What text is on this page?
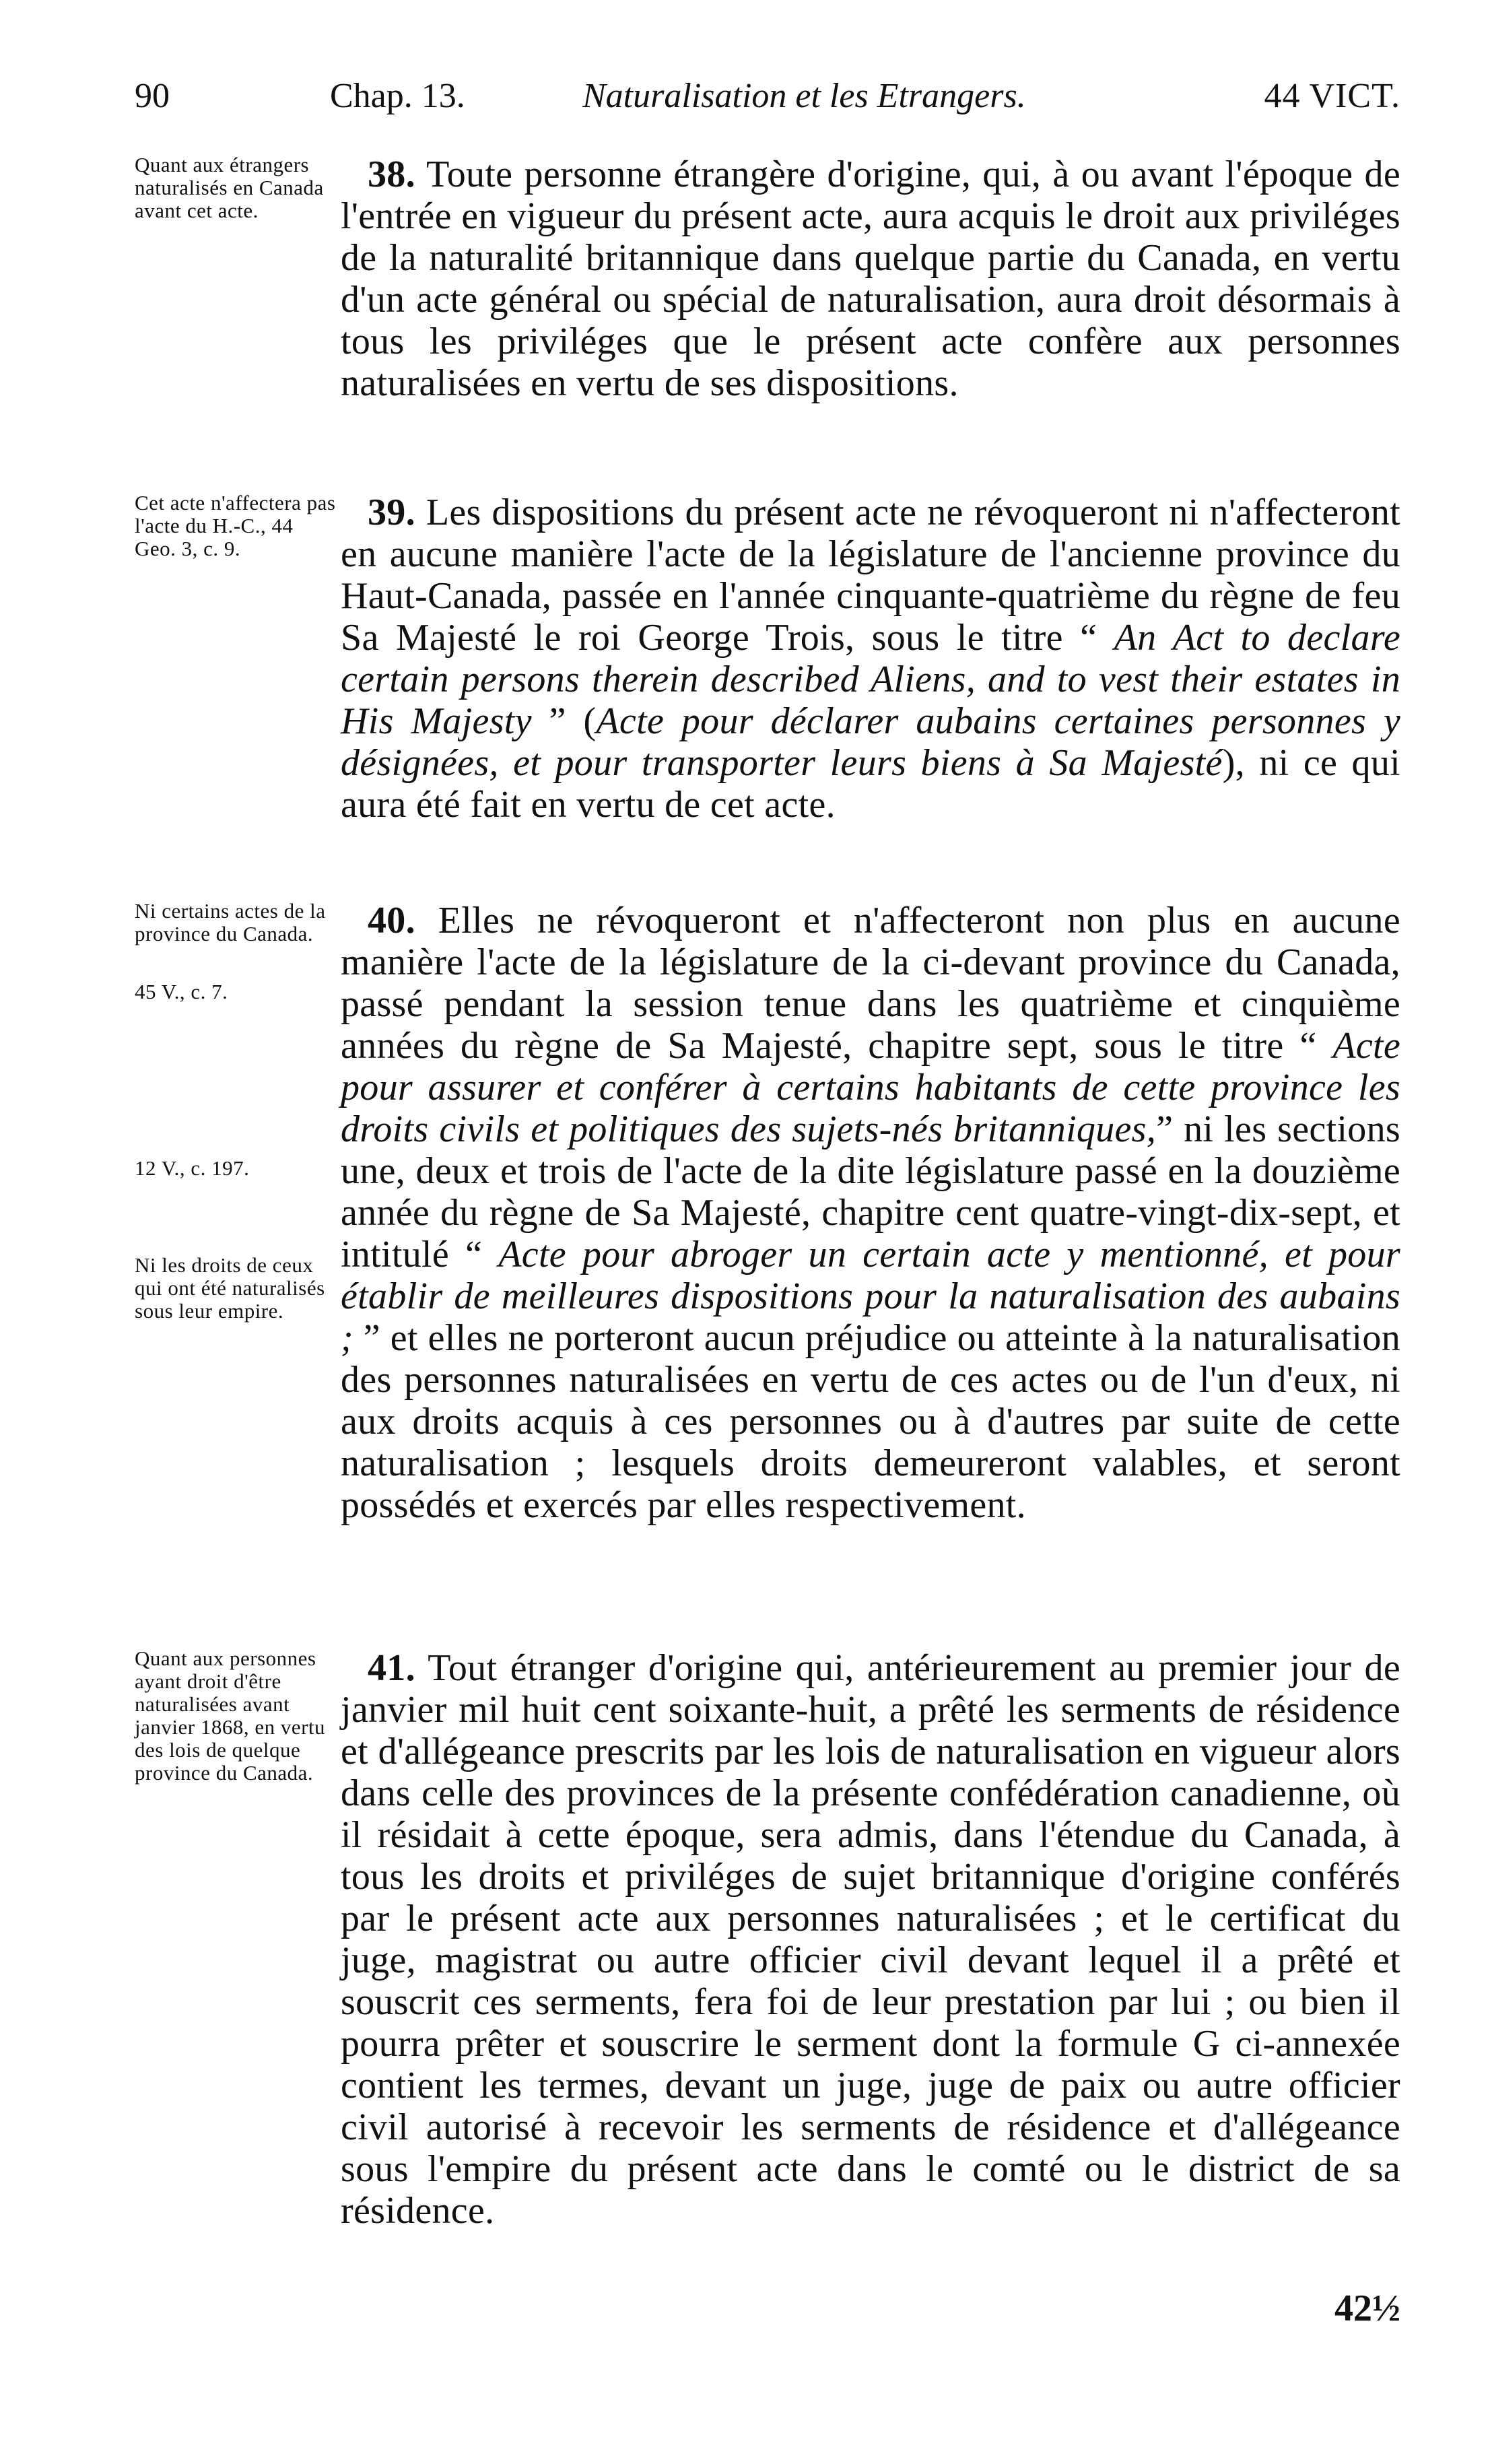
90	Chap. 13.	Naturalisation et les Etrangers.	44 VICT.
Quant aux étrangers naturalisés en Canada avant cet acte.

38. Toute personne étrangère d'origine, qui, à ou avant l'époque de l'entrée en vigueur du présent acte, aura acquis le droit aux priviléges de la naturalité britannique dans quelque partie du Canada, en vertu d'un acte général ou spécial de naturalisation, aura droit désormais à tous les priviléges que le présent acte confère aux personnes naturalisées en vertu de ses dispositions.

Cet acte n'affectera pas l'acte du H.-C., 44 Geo. 3, c. 9.

39. Les dispositions du présent acte ne révoqueront ni n'affecteront en aucune manière l'acte de la législature de l'ancienne province du Haut-Canada, passée en l'année cinquante-quatrième du règne de feu Sa Majesté le roi George Trois, sous le titre “ An Act to declare certain persons therein described Aliens, and to vest their estates in His Majesty ” (Acte pour déclarer aubains certaines personnes y désignées, et pour transporter leurs biens à Sa Majesté), ni ce qui aura été fait en vertu de cet acte.

Ni certains actes de la province du Canada.
45 V., c. 7.
12 V., c. 197.
Ni les droits de ceux qui ont été naturalisés sous leur empire.

40. Elles ne révoqueront et n'affecteront non plus en aucune manière l'acte de la législature de la ci-devant province du Canada, passé pendant la session tenue dans les quatrième et cinquième années du règne de Sa Majesté, chapitre sept, sous le titre “ Acte pour assurer et conférer à certains habitants de cette province les droits civils et politiques des sujets-nés britanniques,” ni les sections une, deux et trois de l'acte de la dite législature passé en la douzième année du règne de Sa Majesté, chapitre cent quatre-vingt-dix-sept, et intitulé “ Acte pour abroger un certain acte y mentionné, et pour établir de meilleures dispositions pour la naturalisation des aubains ; ” et elles ne porteront aucun préjudice ou atteinte à la naturalisation des personnes naturalisées en vertu de ces actes ou de l'un d'eux, ni aux droits acquis à ces personnes ou à d'autres par suite de cette naturalisation ; lesquels droits demeureront valables, et seront possédés et exercés par elles respectivement.

Quant aux personnes ayant droit d'être naturalisées avant janvier 1868, en vertu des lois de quelque province du Canada.

41. Tout étranger d'origine qui, antérieurement au premier jour de janvier mil huit cent soixante-huit, a prêté les serments de résidence et d'allégeance prescrits par les lois de naturalisation en vigueur alors dans celle des provinces de la présente confédération canadienne, où il résidait à cette époque, sera admis, dans l'étendue du Canada, à tous les droits et priviléges de sujet britannique d'origine conférés par le présent acte aux personnes naturalisées ; et le certificat du juge, magistrat ou autre officier civil devant lequel il a prêté et souscrit ces serments, fera foi de leur prestation par lui ; ou bien il pourra prêter et souscrire le serment dont la formule G ci-annexée contient les termes, devant un juge, juge de paix ou autre officier civil autorisé à recevoir les serments de résidence et d'allégeance sous l'empire du présent acte dans le comté ou le district de sa résidence.

42½
